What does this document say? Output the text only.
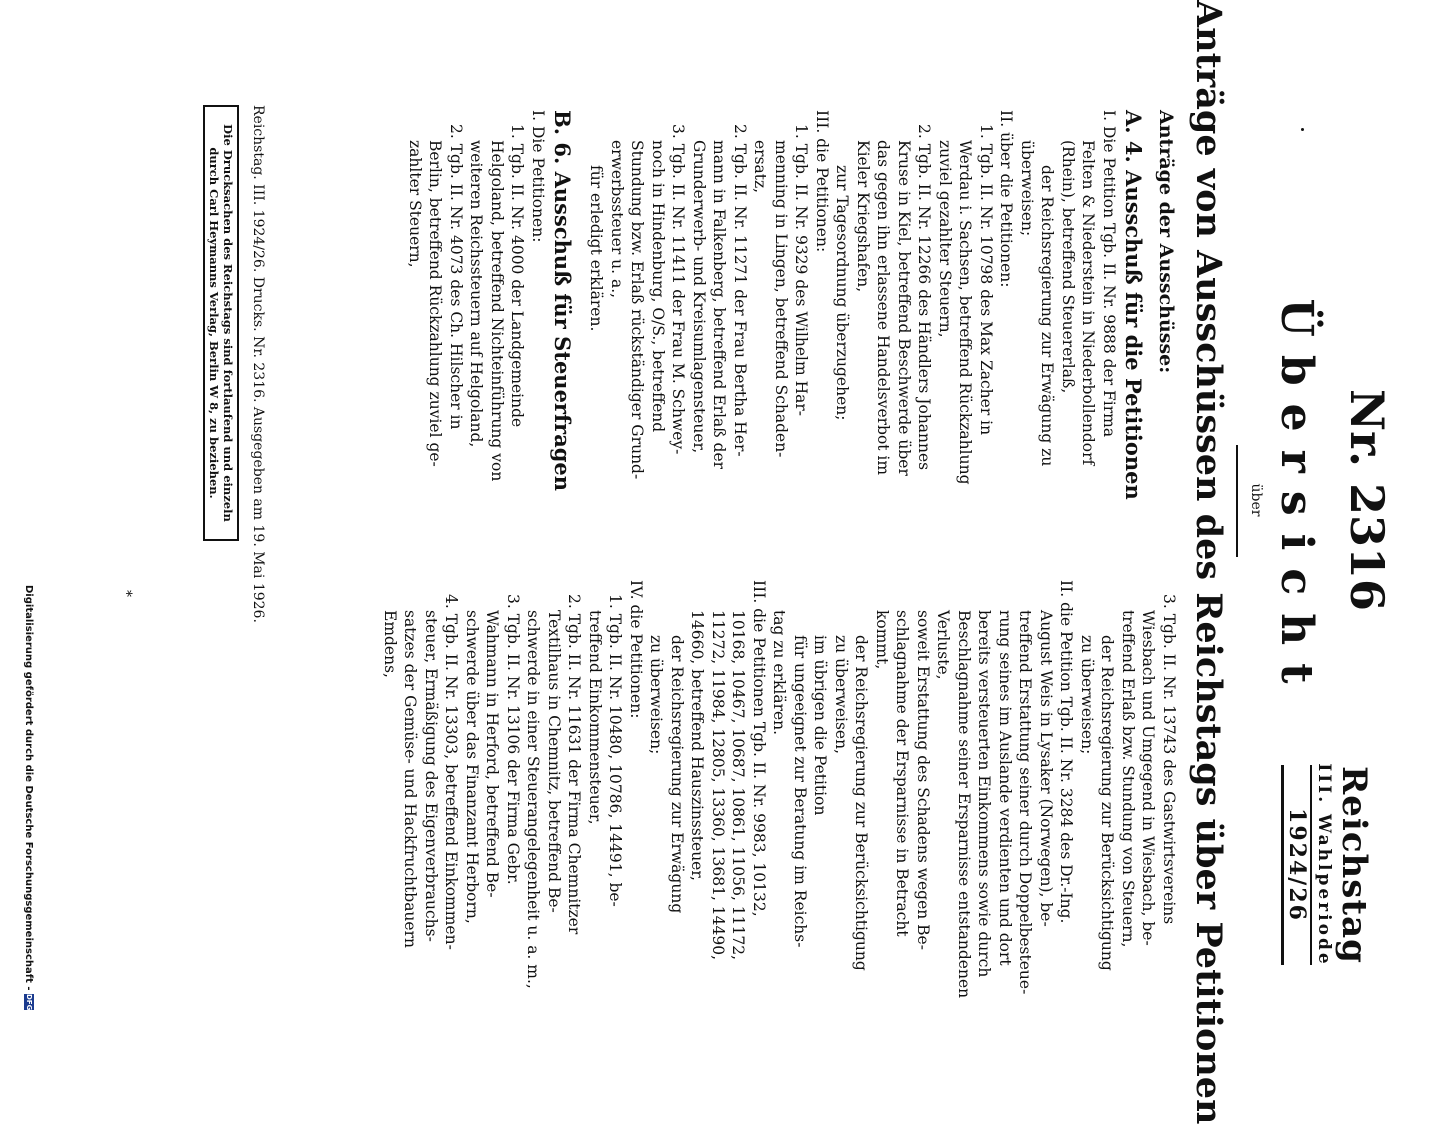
Nr. 2316
Reichstag
III. Wahlperiode
1924/26
Übersicht
über
Anträge von Ausschüssen des Reichstags über Petitionen
Anträge der Ausschüsse:
A. 4. Ausschuß für die Petitionen
I. Die Petition Tgb. II. Nr. 9888 der Firma
Felten & Niederstein in Niederbollendorf
(Rhein), betreffend Steuererlaß,
der Reichsregierung zur Erwägung zu
überweisen;
II. über die Petitionen:
1. Tgb. II. Nr. 10798 des Max Zacher in
Werdau i. Sachsen, betreffend Rückzahlung
zuviel gezahlter Steuern,
2. Tgb. II. Nr. 12266 des Händlers Johannes
Kruse in Kiel, betreffend Beschwerde über
das gegen ihn erlassene Handelsverbot im
Kieler Kriegshafen,
zur Tagesordnung überzugehen;
III. die Petitionen:
1. Tgb. II. Nr. 9329 des Wilhelm Har-
menning in Lingen, betreffend Schaden-
ersatz,
2. Tgb. II. Nr. 11271 der Frau Bertha Her-
mann in Falkenberg, betreffend Erlaß der
Grunderwerb- und Kreisumlagensteuer,
3. Tgb. II. Nr. 11411 der Frau M. Schwey-
noch in Hindenburg, O/S., betreffend
Stundung bzw. Erlaß rückständiger Grund-
erwerbssteuer u. a.,
für erledigt erklären.
B. 6. Ausschuß für Steuerfragen
I. Die Petitionen:
1. Tgb. II. Nr. 4000 der Landgemeinde
Helgoland, betreffend Nichteinführung von
weiteren Reichssteuern auf Helgoland,
2. Tgb. II. Nr. 4073 des Ch. Hilscher in
Berlin, betreffend Rückzahlung zuviel ge-
zahlter Steuern,
3. Tgb. II. Nr. 13743 des Gastwirtsvereins
Wiesbach und Umgegend in Wiesbach, be-
treffend Erlaß bzw. Stundung von Steuern,
der Reichsregierung zur Berücksichtigung
zu überweisen;
II. die Petition Tgb. II. Nr. 3284 des Dr.-Ing.
August Weis in Lysaker (Norwegen), be-
treffend Erstattung seiner durch Doppelbesteue-
rung seines im Auslande verdienten und dort
bereits versteuerten Einkommens sowie durch
Beschlagnahme seiner Ersparnisse entstandenen
Verluste,
soweit Erstattung des Schadens wegen Be-
schlagnahme der Ersparnisse in Betracht
kommt,
der Reichsregierung zur Berücksichtigung
zu überweisen,
im übrigen die Petition
für ungeeignet zur Beratung im Reichs-
tag zu erklären.
III. die Petitionen Tgb. II. Nr. 9983, 10132,
10168, 10467, 10687, 10861, 11056, 11172,
11272, 11984, 12805, 13360, 13681, 14490,
14660, betreffend Hauszinssteuer,
der Reichsregierung zur Erwägung
zu überweisen;
IV. die Petitionen:
1. Tgb. II. Nr. 10480, 10786, 14491, be-
treffend Einkommensteuer,
2. Tgb. II. Nr. 11631 der Firma Chemnitzer
Textilhaus in Chemnitz, betreffend Be-
schwerde in einer Steuerangelegenheit u. a. m.,
3. Tgb. II. Nr. 13106 der Firma Gebr.
Wahmann in Herford, betreffend Be-
schwerde über das Finanzamt Herborn,
4. Tgb. II. Nr. 13303, betreffend Einkommen-
steuer, Ermäßigung des Eigenverbrauchs-
satzes der Gemüse- und Hackfruchtbauern
Emdens,
Reichstag. III. 1924/26. Drucks. Nr. 2316. Ausgegeben am 19. Mai 1926.
Die Drucksachen des Reichstags sind fortlaufend und einzeln
durch Carl Heymanns Verlag, Berlin W 8, zu beziehen.
*
Digitalisierung gefördert durch die Deutsche Forschungsgemeinschaft - DFG
